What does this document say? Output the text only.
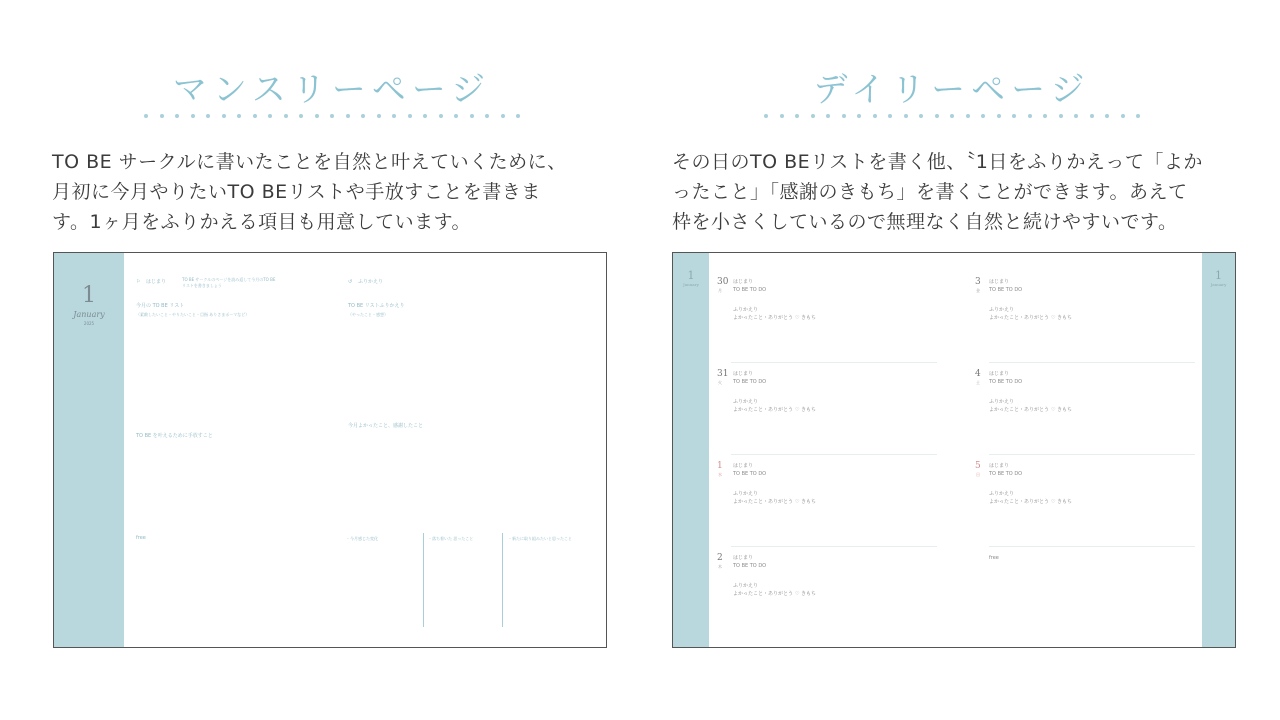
マンスリーページ

TO BE サークルに書いたことを自然と叶えていくために、

月初に今月やりたいTO BEリストや手放すことを書きま

す。1ヶ月をふりかえる項目も用意しています。

1
January
2025
⚐ はじまり	TO BE サークルのページを読み返して今月のTO BE リストを書きましょう
↺ ふりかえり
今月の TO BE リスト
（素敵したいこと・やりたいこと・目指 ありさまポーマなど）
TO BE リストふりかえり
（やったこと・感想）
今月よかったこと、感謝したこと
TO BE を叶えるために手放すこと
free	・今月感じた変化	・落ち着いた 思ったこと	・新たに取り組みたいと思ったこと
デイリーページ

その日のTO BEリストを書く他、〝1日をふりかえって「よか

ったこと」「感謝のきもち」を書くことができます。あえて

枠を小さくしているので無理なく自然と続けやすいです。

1
January
1
January
30
月
はじまり
TO BE TO DO
ふりかえり
よかったこと・ありがとう ♡ きもち
31
火
はじまり
TO BE TO DO
ふりかえり
よかったこと・ありがとう ♡ きもち
1
水
はじまり
TO BE TO DO
ふりかえり
よかったこと・ありがとう ♡ きもち
2
木
はじまり
TO BE TO DO
ふりかえり
よかったこと・ありがとう ♡ きもち
3
金
はじまり
TO BE TO DO
ふりかえり
よかったこと・ありがとう ♡ きもち
4
土
はじまり
TO BE TO DO
ふりかえり
よかったこと・ありがとう ♡ きもち
5
日
はじまり
TO BE TO DO
ふりかえり
よかったこと・ありがとう ♡ きもち
free
